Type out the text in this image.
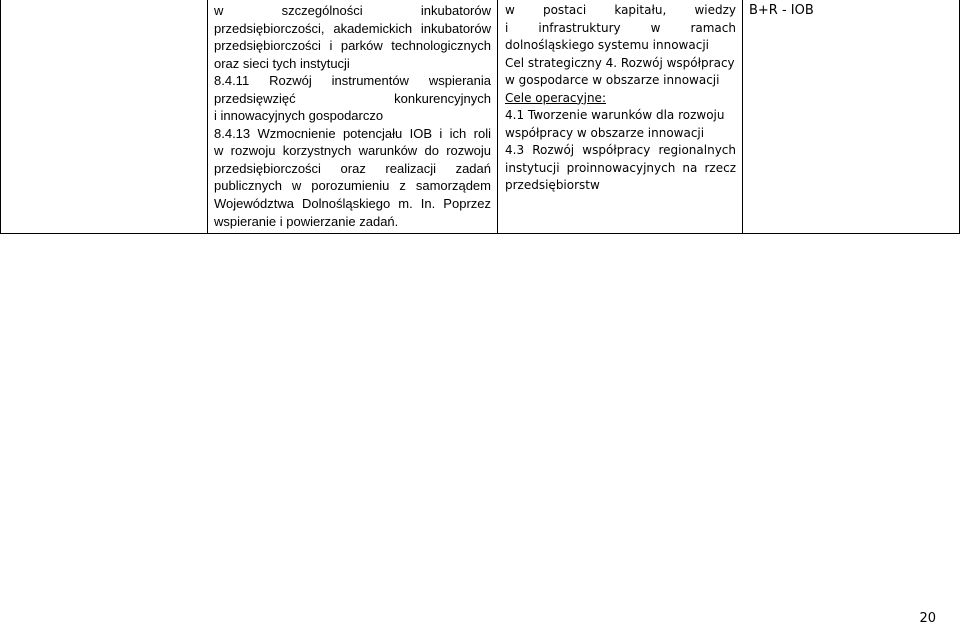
w szczególności inkubatorów
przedsiębiorczości, akademickich inkubatorów
przedsiębiorczości i parków technologicznych
oraz sieci tych instytucji
8.4.11 Rozwój instrumentów wspierania
przedsięwzięć konkurencyjnych
i innowacyjnych gospodarczo
8.4.13 Wzmocnienie potencjału IOB i ich roli
w rozwoju korzystnych warunków do rozwoju
przedsiębiorczości oraz realizacji zadań
publicznych w porozumieniu z samorządem
Województwa Dolnośląskiego m. In. Poprzez
wspieranie i powierzanie zadań.
w postaci kapitału, wiedzy
i infrastruktury w ramach
dolnośląskiego systemu innowacji
Cel strategiczny 4. Rozwój współpracy
w gospodarce w obszarze innowacji
Cele operacyjne:
4.1 Tworzenie warunków dla rozwoju
współpracy w obszarze innowacji
4.3 Rozwój współpracy regionalnych
instytucji proinnowacyjnych na rzecz
przedsiębiorstw
B+R - IOB
20
